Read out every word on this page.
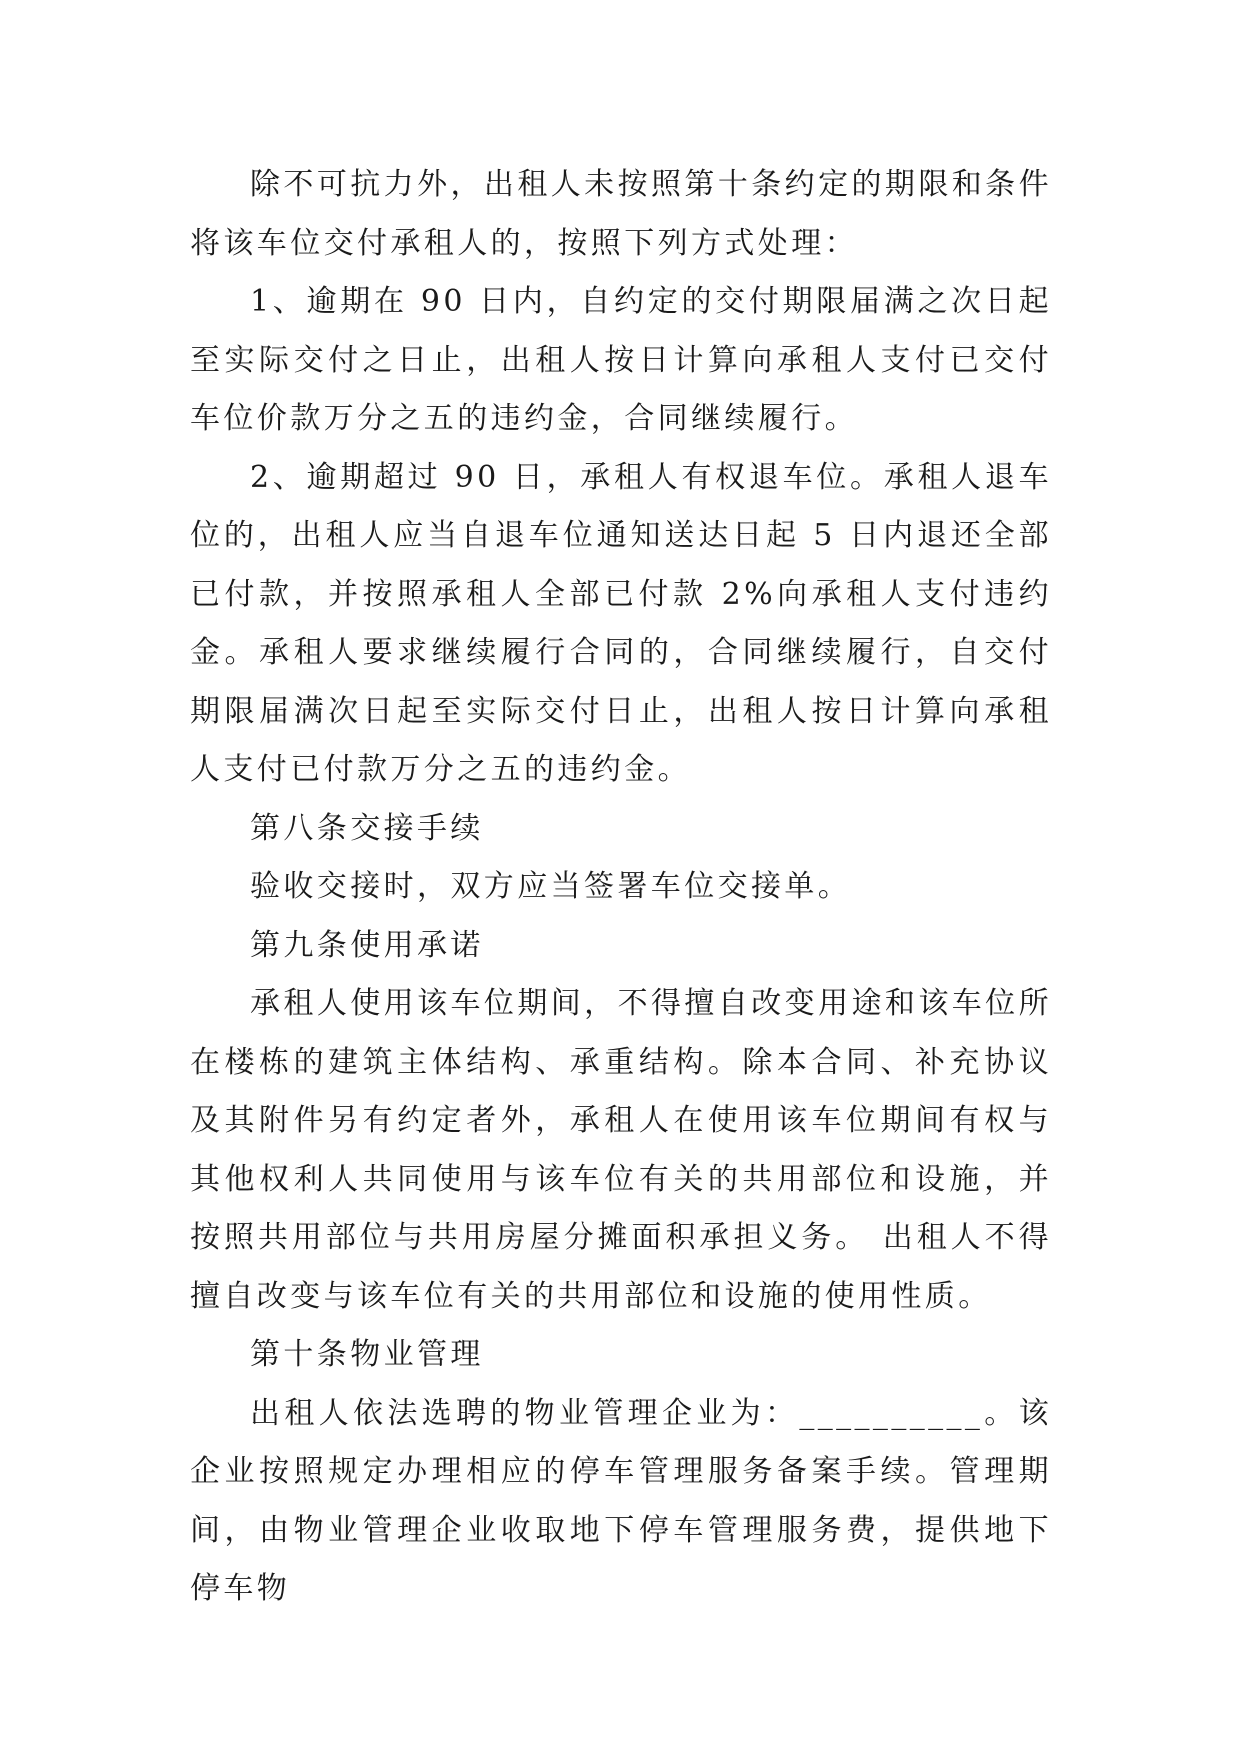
除不可抗力外，出租人未按照第十条约定的期限和条件将该车位交付承租人的，按照下列方式处理：

1、逾期在 90 日内，自约定的交付期限届满之次日起至实际交付之日止，出租人按日计算向承租人支付已交付车位价款万分之五的违约金，合同继续履行。

2、逾期超过 90 日，承租人有权退车位。承租人退车位的，出租人应当自退车位通知送达日起 5 日内退还全部已付款，并按照承租人全部已付款 2%向承租人支付违约金。承租人要求继续履行合同的，合同继续履行，自交付期限届满次日起至实际交付日止，出租人按日计算向承租人支付已付款万分之五的违约金。

第八条交接手续

验收交接时，双方应当签署车位交接单。

第九条使用承诺

承租人使用该车位期间，不得擅自改变用途和该车位所在楼栋的建筑主体结构、承重结构。除本合同、补充协议及其附件另有约定者外，承租人在使用该车位期间有权与其他权利人共同使用与该车位有关的共用部位和设施，并按照共用部位与共用房屋分摊面积承担义务。 出租人不得擅自改变与该车位有关的共用部位和设施的使用性质。

第十条物业管理

出租人依法选聘的物业管理企业为：__________。该企业按照规定办理相应的停车管理服务备案手续。管理期间，由物业管理企业收取地下停车管理服务费，提供地下停车物
